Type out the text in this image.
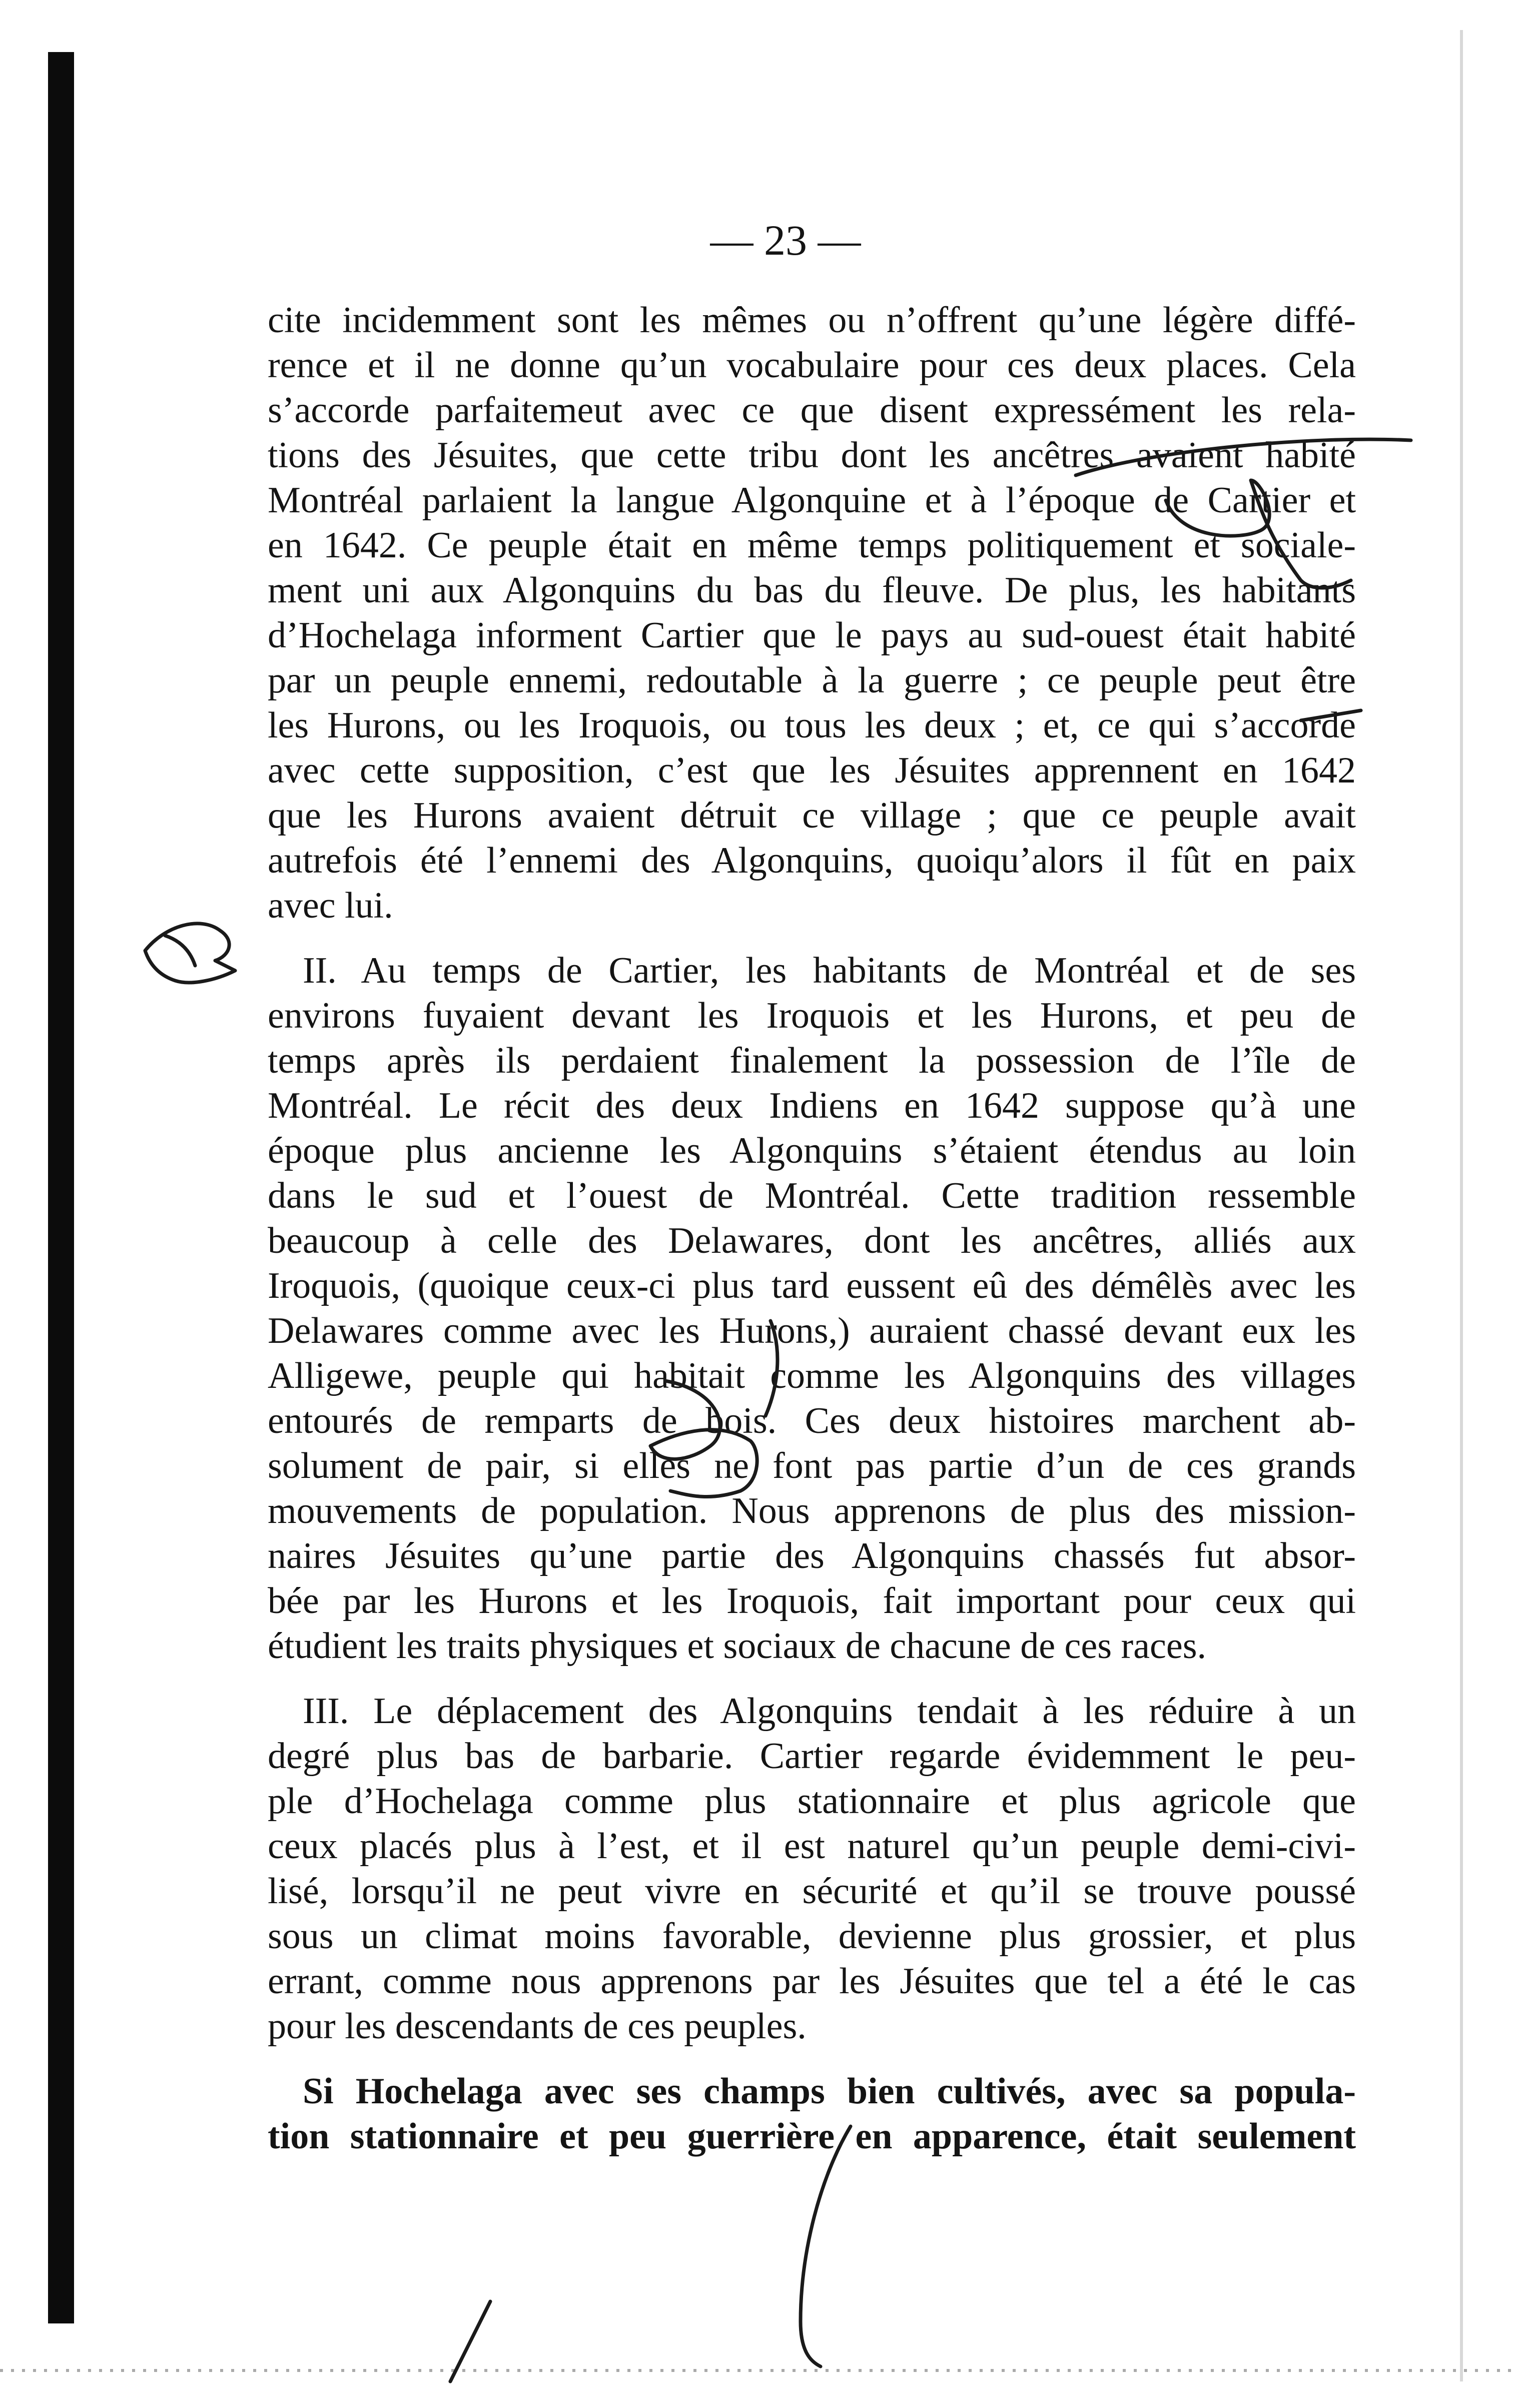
— 23 —
cite incidemment sont les mêmes ou n’offrent qu’une légère diffé-
rence et il ne donne qu’un vocabulaire pour ces deux places. Cela
s’accorde parfaitemeut avec ce que disent expressément les rela-
tions des Jésuites, que cette tribu dont les ancêtres avaient habité
Montréal parlaient la langue Algonquine et à l’époque de Cartier et
en 1642. Ce peuple était en même temps politiquement et sociale-
ment uni aux Algonquins du bas du fleuve. De plus, les habitants
d’Hochelaga informent Cartier que le pays au sud-ouest était habité
par un peuple ennemi, redoutable à la guerre ; ce peuple peut être
les Hurons, ou les Iroquois, ou tous les deux ; et, ce qui s’accorde
avec cette supposition, c’est que les Jésuites apprennent en 1642
que les Hurons avaient détruit ce village ; que ce peuple avait
autrefois été l’ennemi des Algonquins, quoiqu’alors il fût en paix
avec lui.
II. Au temps de Cartier, les habitants de Montréal et de ses
environs fuyaient devant les Iroquois et les Hurons, et peu de
temps après ils perdaient finalement la possession de l’île de
Montréal. Le récit des deux Indiens en 1642 suppose qu’à une
époque plus ancienne les Algonquins s’étaient étendus au loin
dans le sud et l’ouest de Montréal. Cette tradition ressemble
beaucoup à celle des Delawares, dont les ancêtres, alliés aux
Iroquois, (quoique ceux-ci plus tard eussent eû des démêlès avec les
Delawares comme avec les Hurons,) auraient chassé devant eux les
Alligewe, peuple qui habitait comme les Algonquins des villages
entourés de remparts de bois. Ces deux histoires marchent ab-
solument de pair, si elles ne font pas partie d’un de ces grands
mouvements de population. Nous apprenons de plus des mission-
naires Jésuites qu’une partie des Algonquins chassés fut absor-
bée par les Hurons et les Iroquois, fait important pour ceux qui
étudient les traits physiques et sociaux de chacune de ces races.
III. Le déplacement des Algonquins tendait à les réduire à un
degré plus bas de barbarie. Cartier regarde évidemment le peu-
ple d’Hochelaga comme plus stationnaire et plus agricole que
ceux placés plus à l’est, et il est naturel qu’un peuple demi-civi-
lisé, lorsqu’il ne peut vivre en sécurité et qu’il se trouve poussé
sous un climat moins favorable, devienne plus grossier, et plus
errant, comme nous apprenons par les Jésuites que tel a été le cas
pour les descendants de ces peuples.
Si Hochelaga avec ses champs bien cultivés, avec sa popula-
tion stationnaire et peu guerrière en apparence, était seulement
